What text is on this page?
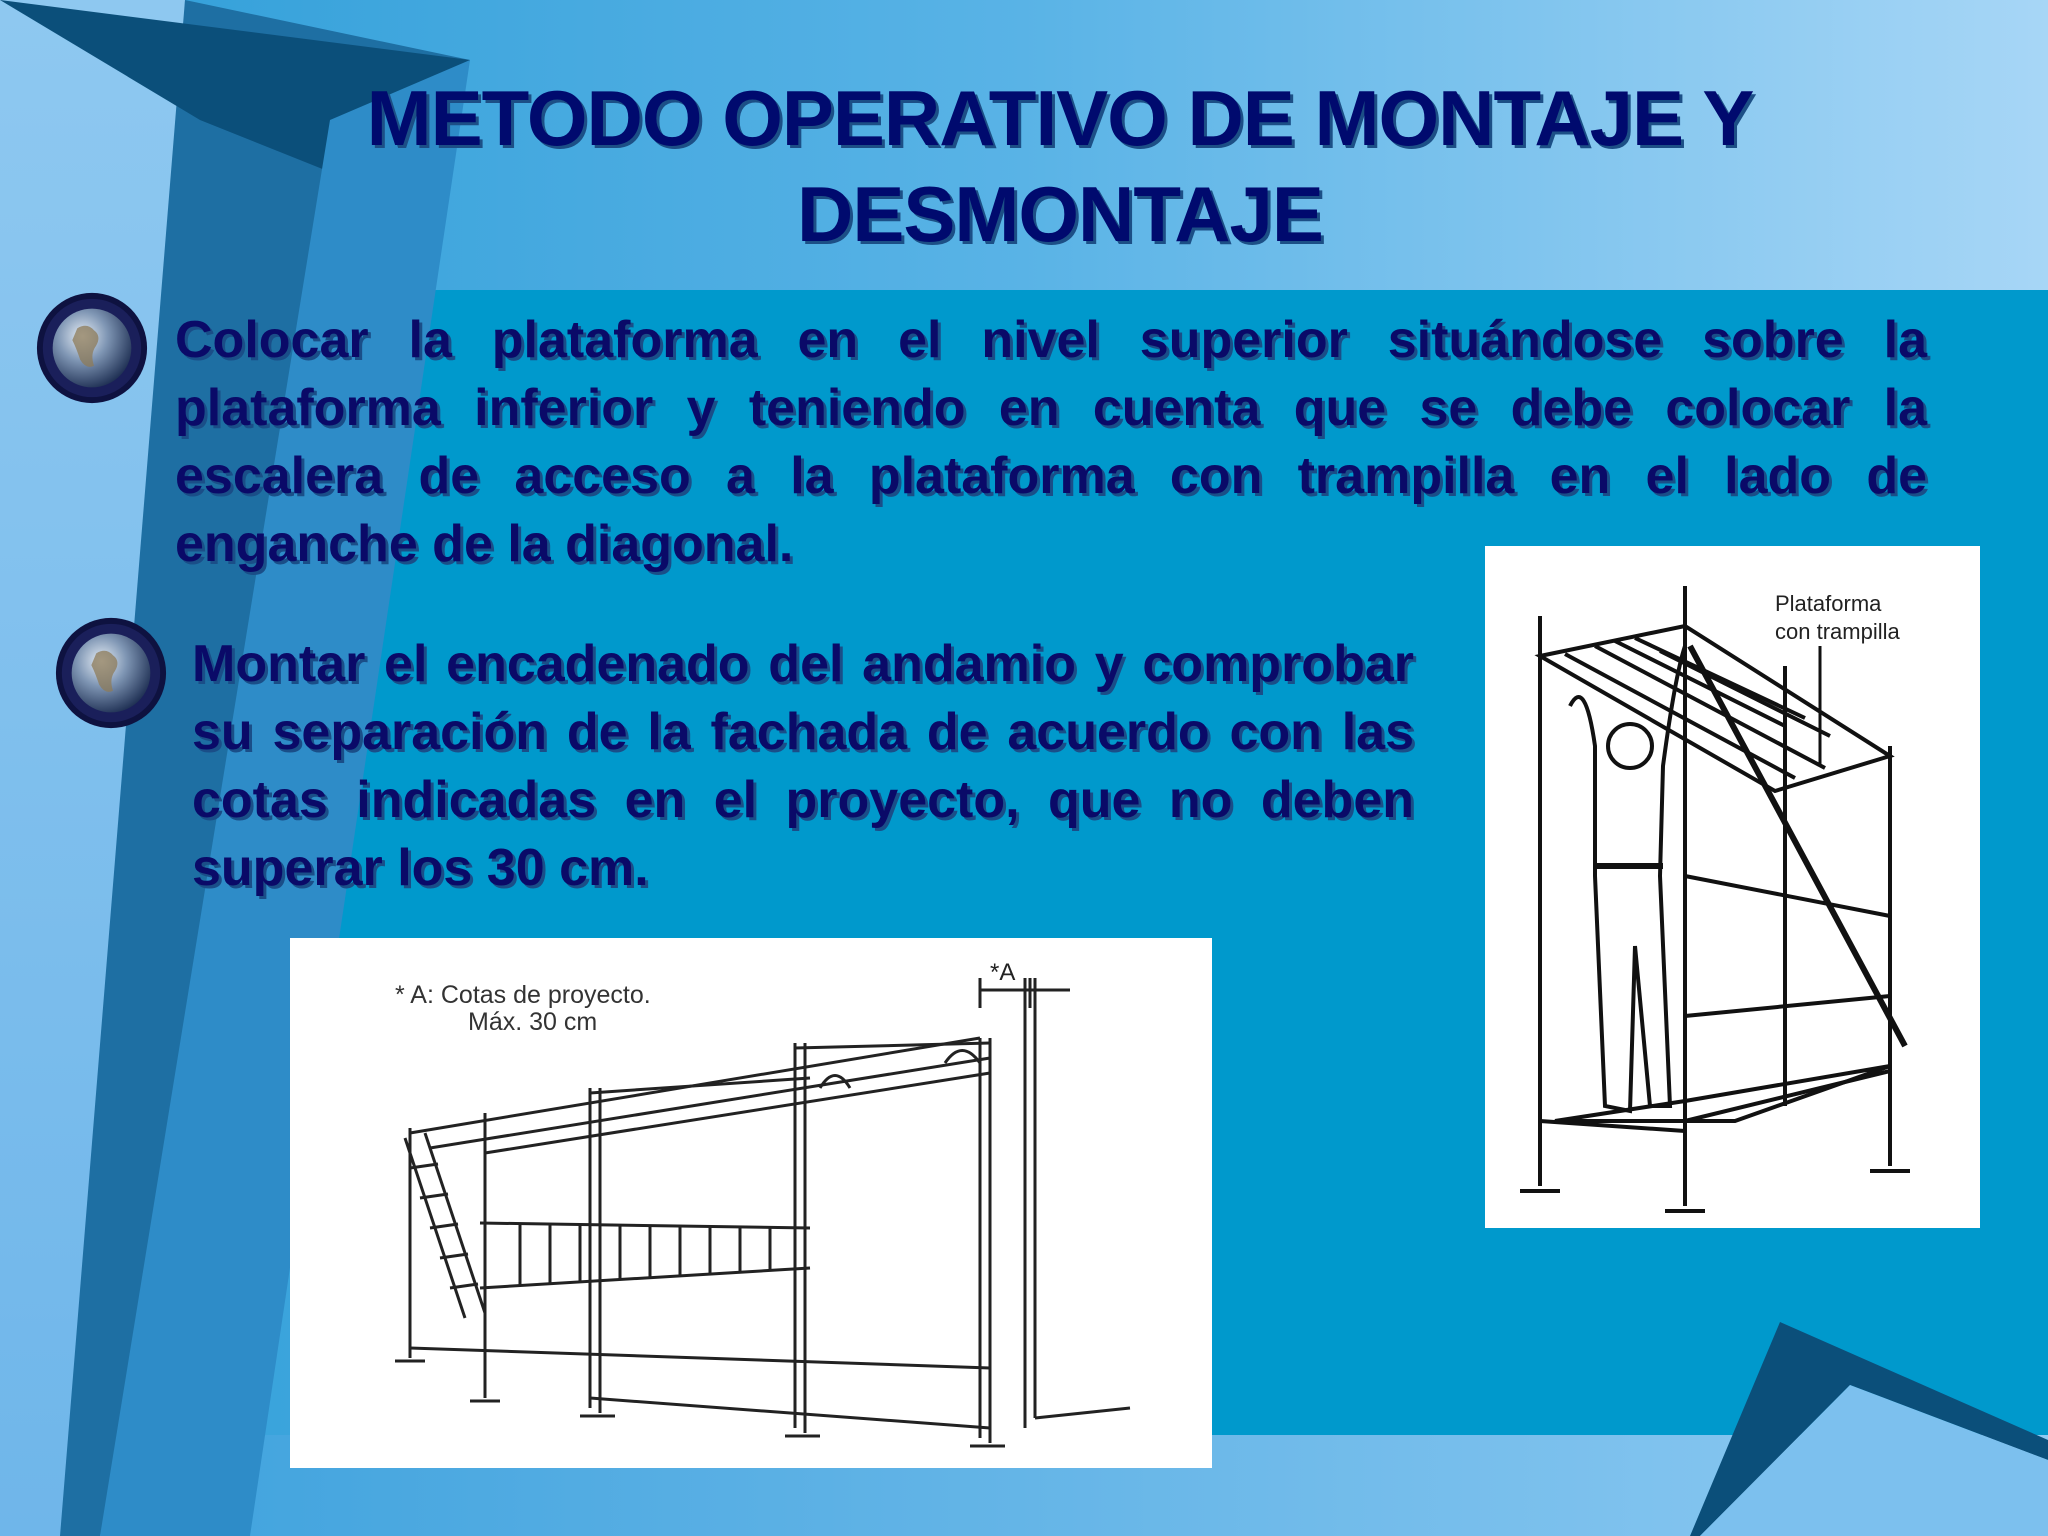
METODO OPERATIVO DE MONTAJE Y
DESMONTAJE
Colocar la plataforma en el nivel superior situándose sobre la plataforma inferior y teniendo en cuenta que se debe colocar la escalera de acceso a la plataforma con trampilla en el lado de enganche de la diagonal.
Montar el encadenado del andamio y comprobar su separación de la fachada de acuerdo con las cotas indicadas en el proyecto, que no deben superar los 30 cm.
Plataforma
con trampilla
*A
* A: Cotas de proyecto.
Máx. 30 cm
